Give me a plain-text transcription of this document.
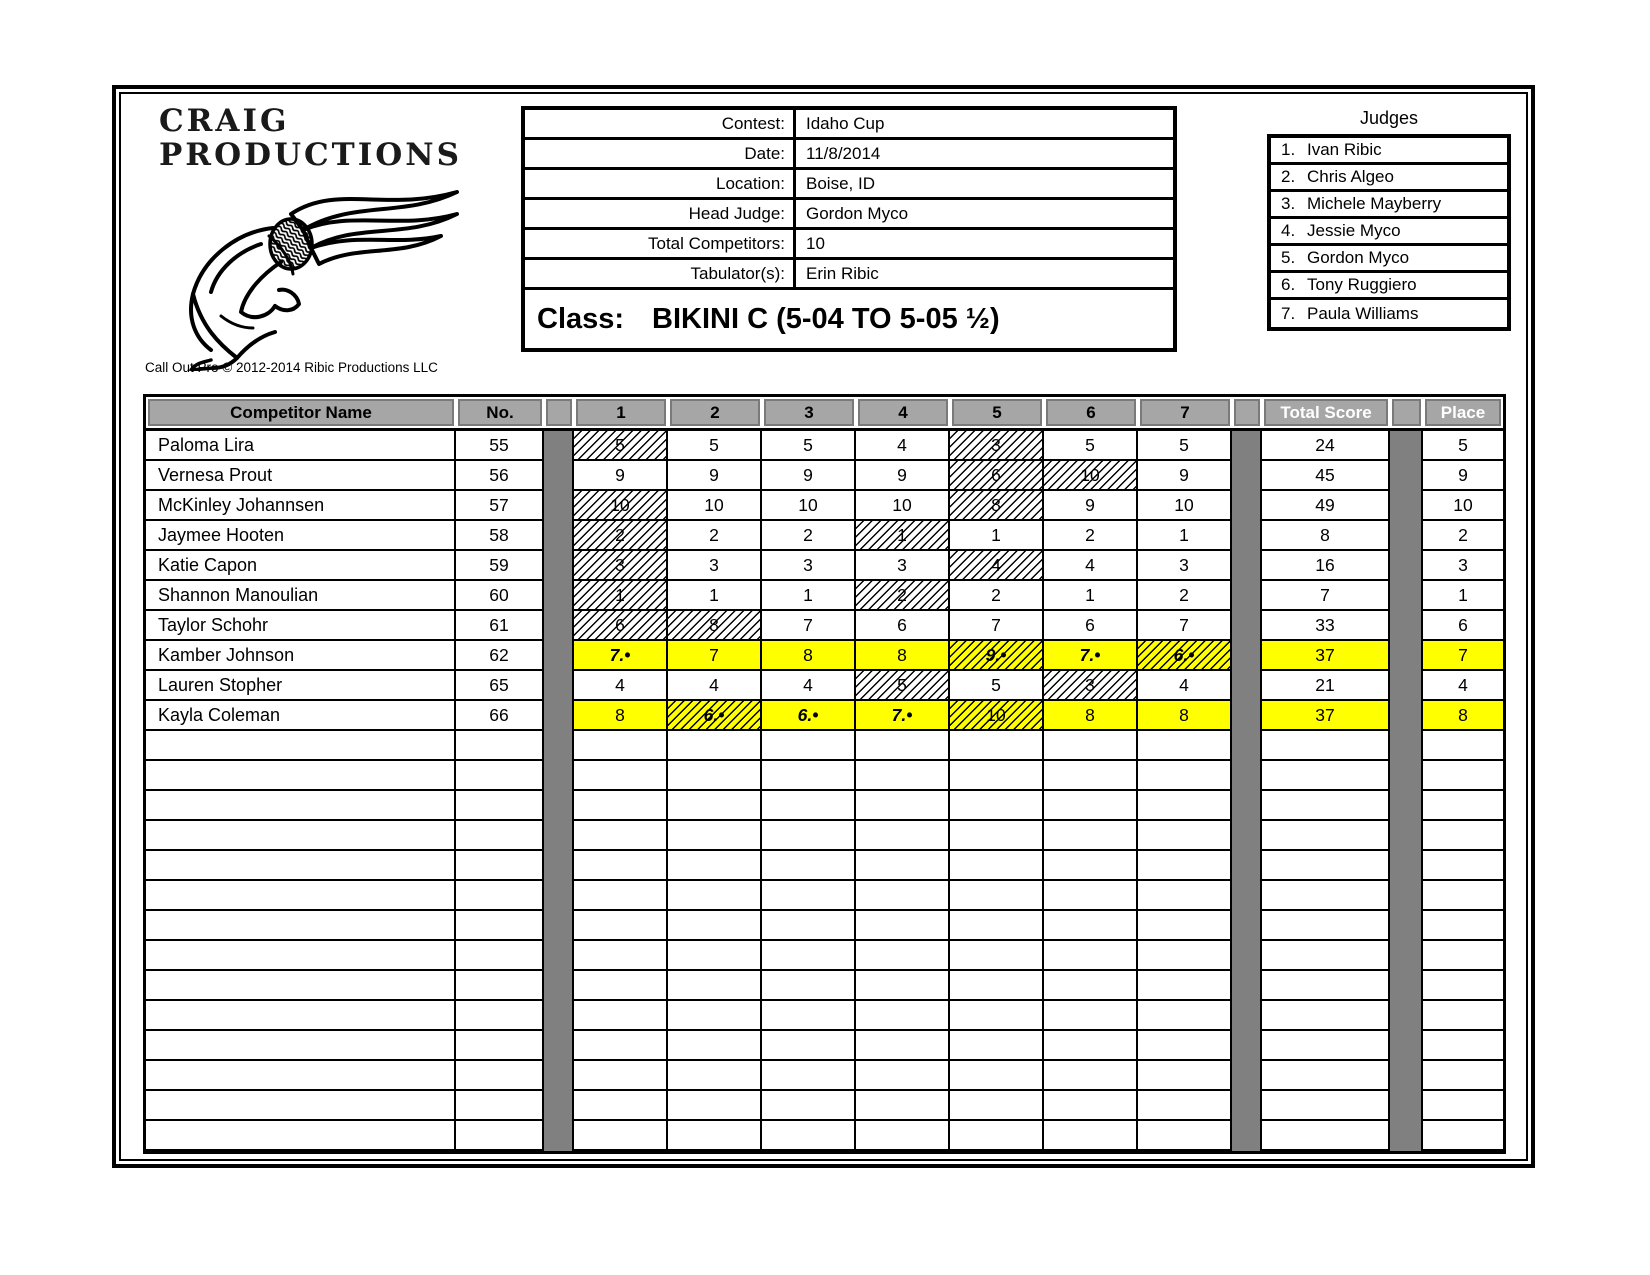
CRAIG
PRODUCTIONS
Contest:	Idaho Cup
Date:	11/8/2014
Location:	Boise, ID
Head Judge:	Gordon Myco
Total Competitors:	10
Tabulator(s):	Erin Ribic
Class: BIKINI C (5-04 TO 5-05 ½)
Judges
1. Ivan Ribic
2. Chris Algeo
3. Michele Mayberry
4. Jessie Myco
5. Gordon Myco
6. Tony Ruggiero
7. Paula Williams
Call Out Pro © 2012-2014 Ribic Productions LLC
Competitor Name	No.	1	2	3	4	5	6	7	Total Score	Place
Paloma Lira	55	5	5	5	4	3	5	5	24	5
Vernesa Prout	56	9	9	9	9	6	10	9	45	9
McKinley Johannsen	57	10	10	10	10	8	9	10	49	10
Jaymee Hooten	58	2	2	2	1	1	2	1	8	2
Katie Capon	59	3	3	3	3	4	4	3	16	3
Shannon Manoulian	60	1	1	1	2	2	1	2	7	1
Taylor Schohr	61	6	8	7	6	7	6	7	33	6
Kamber Johnson	62	7.•	7	8	8	9.•	7.•	6.•	37	7
Lauren Stopher	65	4	4	4	5	5	3	4	21	4
Kayla Coleman	66	8	6.•	6.•	7.•	10	8	8	37	8
